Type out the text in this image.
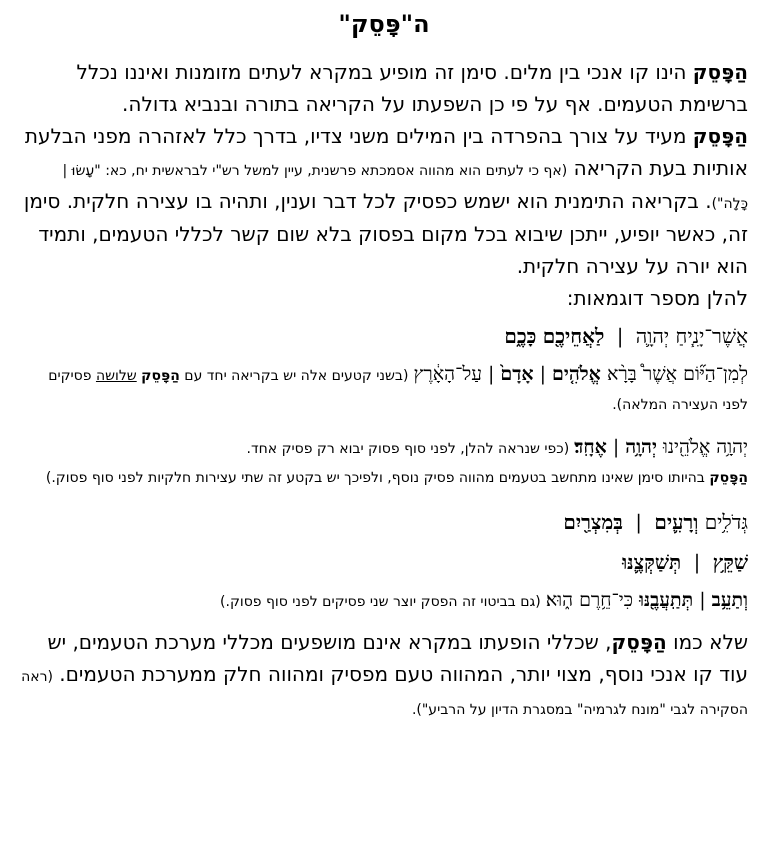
ה"פָּסֵק"

הַפָּסֵק הינו קו אנכי בין מלים. סימן זה מופיע במקרא לעתים מזומנות ואיננו נכלל ברשימת הטעמים. אף על פי כן השפעתו על הקריאה בתורה ובנביא גדולה.

הַפָּסֵק מעיד על צורך בהפרדה בין המילים משני צדיו, בדרך כלל לאזהרה מפני הבלעת אותיות בעת הקריאה (אף כי לעתים הוא מהווה אסמכתא פרשנית, עיין למשל רש"י לבראשית יח, כא: "עָשׂוּ | כָּלָה"). בקריאה התימנית הוא ישמש כפסיק לכל דבר וענין, ותהיה בו עצירה חלקית. סימן זה, כאשר יופיע, ייתכן שיבוא בכל מקום בפסוק בלא שום קשר לכללי הטעמים, ותמיד הוא יורה על עצירה חלקית.

להלן מספר דוגמאות:

אֲשֶׁר־יָנִ֧יחַ יְהוָ֛ה | לַאֲחֵיכֶ֖ם כָּכֶ֑ם
לְמִן־הַיּ֞וֹם אֲשֶׁר֩ בָּרָ֨א אֱלֹהִ֤ים|אָדָם֙|עַל־הָאָ֔רֶץ (בשני קטעים אלה יש בקריאה יחד עם הַפָּסֵק שלושה פסיקים לפני העצירה המלאה).
יְהוָ֥ה אֱלֹהֵ֖ינוּ יְהוָ֥ה|אֶחָֽד׃ (כפי שנראה להלן, לפני סוף פסוק יבוא רק פסיק אחד.
הַפָּסֵק בהיותו סימן שאינו מתחשב בטעמים מהווה פסיק נוסף, ולפיכך יש בקטע זה שתי עצירות חלקיות לפני סוף פסוק.)
גְּדֹלִ֥ים וְרָעִ֛ים | בְּמִצְרַ֖יִם
שַׁקֵּ֥ץ | תְּשַׁקְּצֶ֛נּוּ
וְתַעֵ֥ב|תְּתַֽעֲבֶ֖נּוּ כִּי־חֵ֥רֶם ה֑וּא׃ (גם בביטוי זה הפסק יוצר שני פסיקים לפני סוף פסוק.)

שלא כמו הַפָּסֵק, שכללי הופעתו במקרא אינם מושפעים מכללי מערכת הטעמים, יש עוד קו אנכי נוסף, מצוי יותר, המהווה טעם מפסיק ומהווה חלק ממערכת הטעמים. (ראה הסקירה לגבי "מונח לגרמיה" במסגרת הדיון על הרביע").
